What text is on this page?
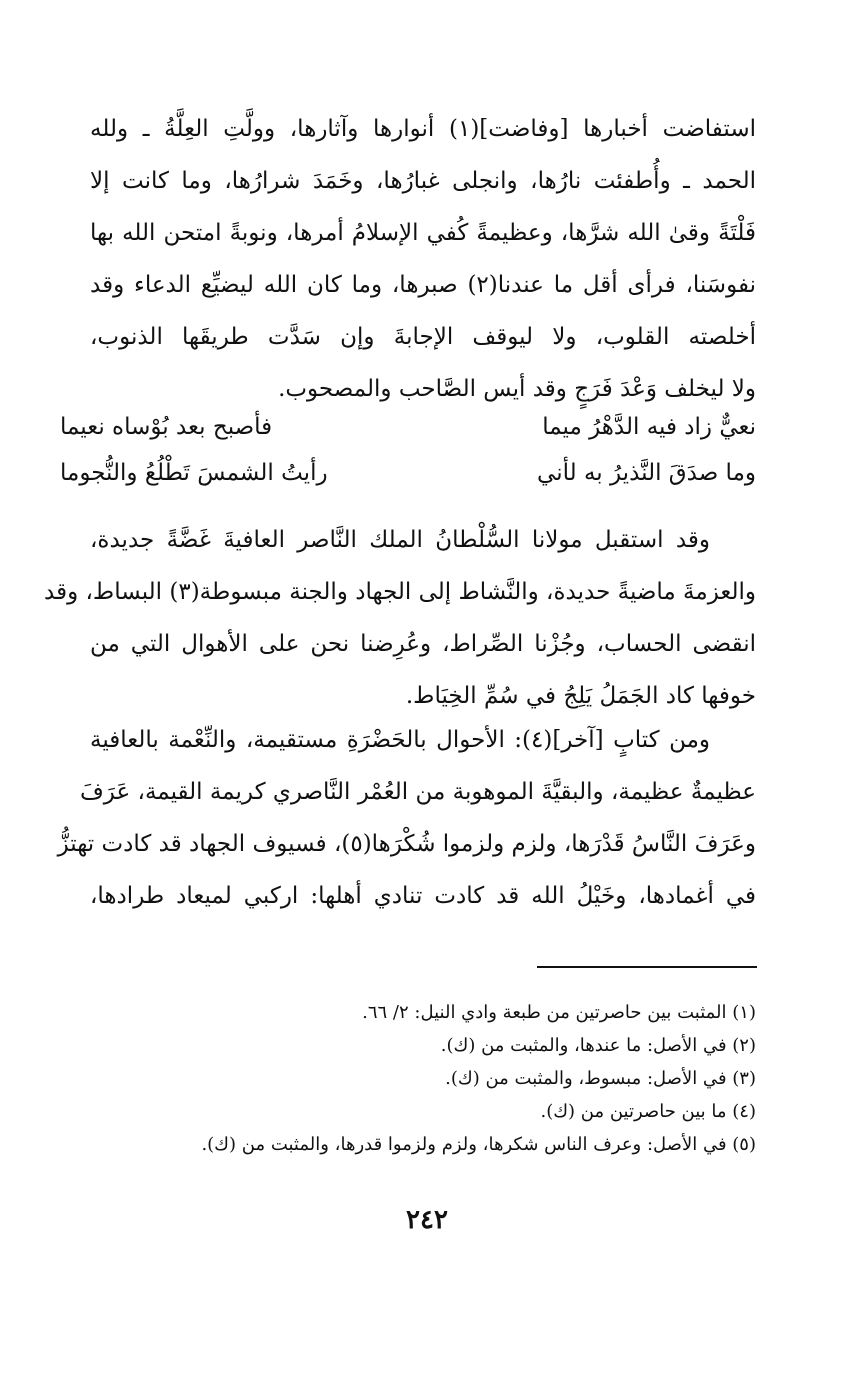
استفاضت أخبارها [وفاضت](١) أنوارها وآثارها، وولَّتِ العِلَّةُ ـ ولله
الحمد ـ وأُطفئت نارُها، وانجلى غبارُها، وخَمَدَ شرارُها، وما كانت إلا
فَلْتَةً وقىٰ الله شرَّها، وعظيمةً كُفي الإسلامُ أمرها، ونوبةً امتحن الله بها
نفوسَنا، فرأى أقل ما عندنا(٢) صبرها، وما كان الله ليضيِّع الدعاء وقد
أخلصته القلوب، ولا ليوقف الإجابةَ وإن سَدَّت طريقَها الذنوب،
ولا ليخلف وَعْدَ فَرَجٍ وقد أيس الصَّاحب والمصحوب.
نعيٌّ زاد فيه الدَّهْرُ ميما
فأصبح بعد بُوْساه نعيما
وما صدَقَ النَّذيرُ به لأني
رأيتُ الشمسَ تَطْلُعُ والنُّجوما
وقد استقبل مولانا السُّلْطانُ الملك النَّاصر العافيةَ غَضَّةً جديدة،
والعزمةَ ماضيةً حديدة، والنَّشاط إلى الجهاد والجنة مبسوطة(٣) البساط، وقد
انقضى الحساب، وجُزْنا الصِّراط، وعُرِضنا نحن على الأهوال التي من
خوفها كاد الجَمَلُ يَلِجُ في سُمِّ الخِيَاط.
ومن كتابٍ [آخر](٤): الأحوال بالحَضْرَةِ مستقيمة، والنِّعْمة بالعافية
عظيمةٌ عظيمة، والبقيَّةَ الموهوبة من العُمْر النَّاصري كريمة القيمة، عَرَفَ
وعَرَفَ النَّاسُ قَدْرَها، ولزم ولزموا شُكْرَها(٥)، فسيوف الجهاد قد كادت تهتزُّ
في أغمادها، وخَيْلُ الله قد كادت تنادي أهلها: اركبي لميعاد طرادها،
(١) المثبت بين حاصرتين من طبعة وادي النيل: ٢/ ٦٦.
(٢) في الأصل: ما عندها، والمثبت من (ك).
(٣) في الأصل: مبسوط، والمثبت من (ك).
(٤) ما بين حاصرتين من (ك).
(٥) في الأصل: وعرف الناس شكرها، ولزم ولزموا قدرها، والمثبت من (ك).
٢٤٢
